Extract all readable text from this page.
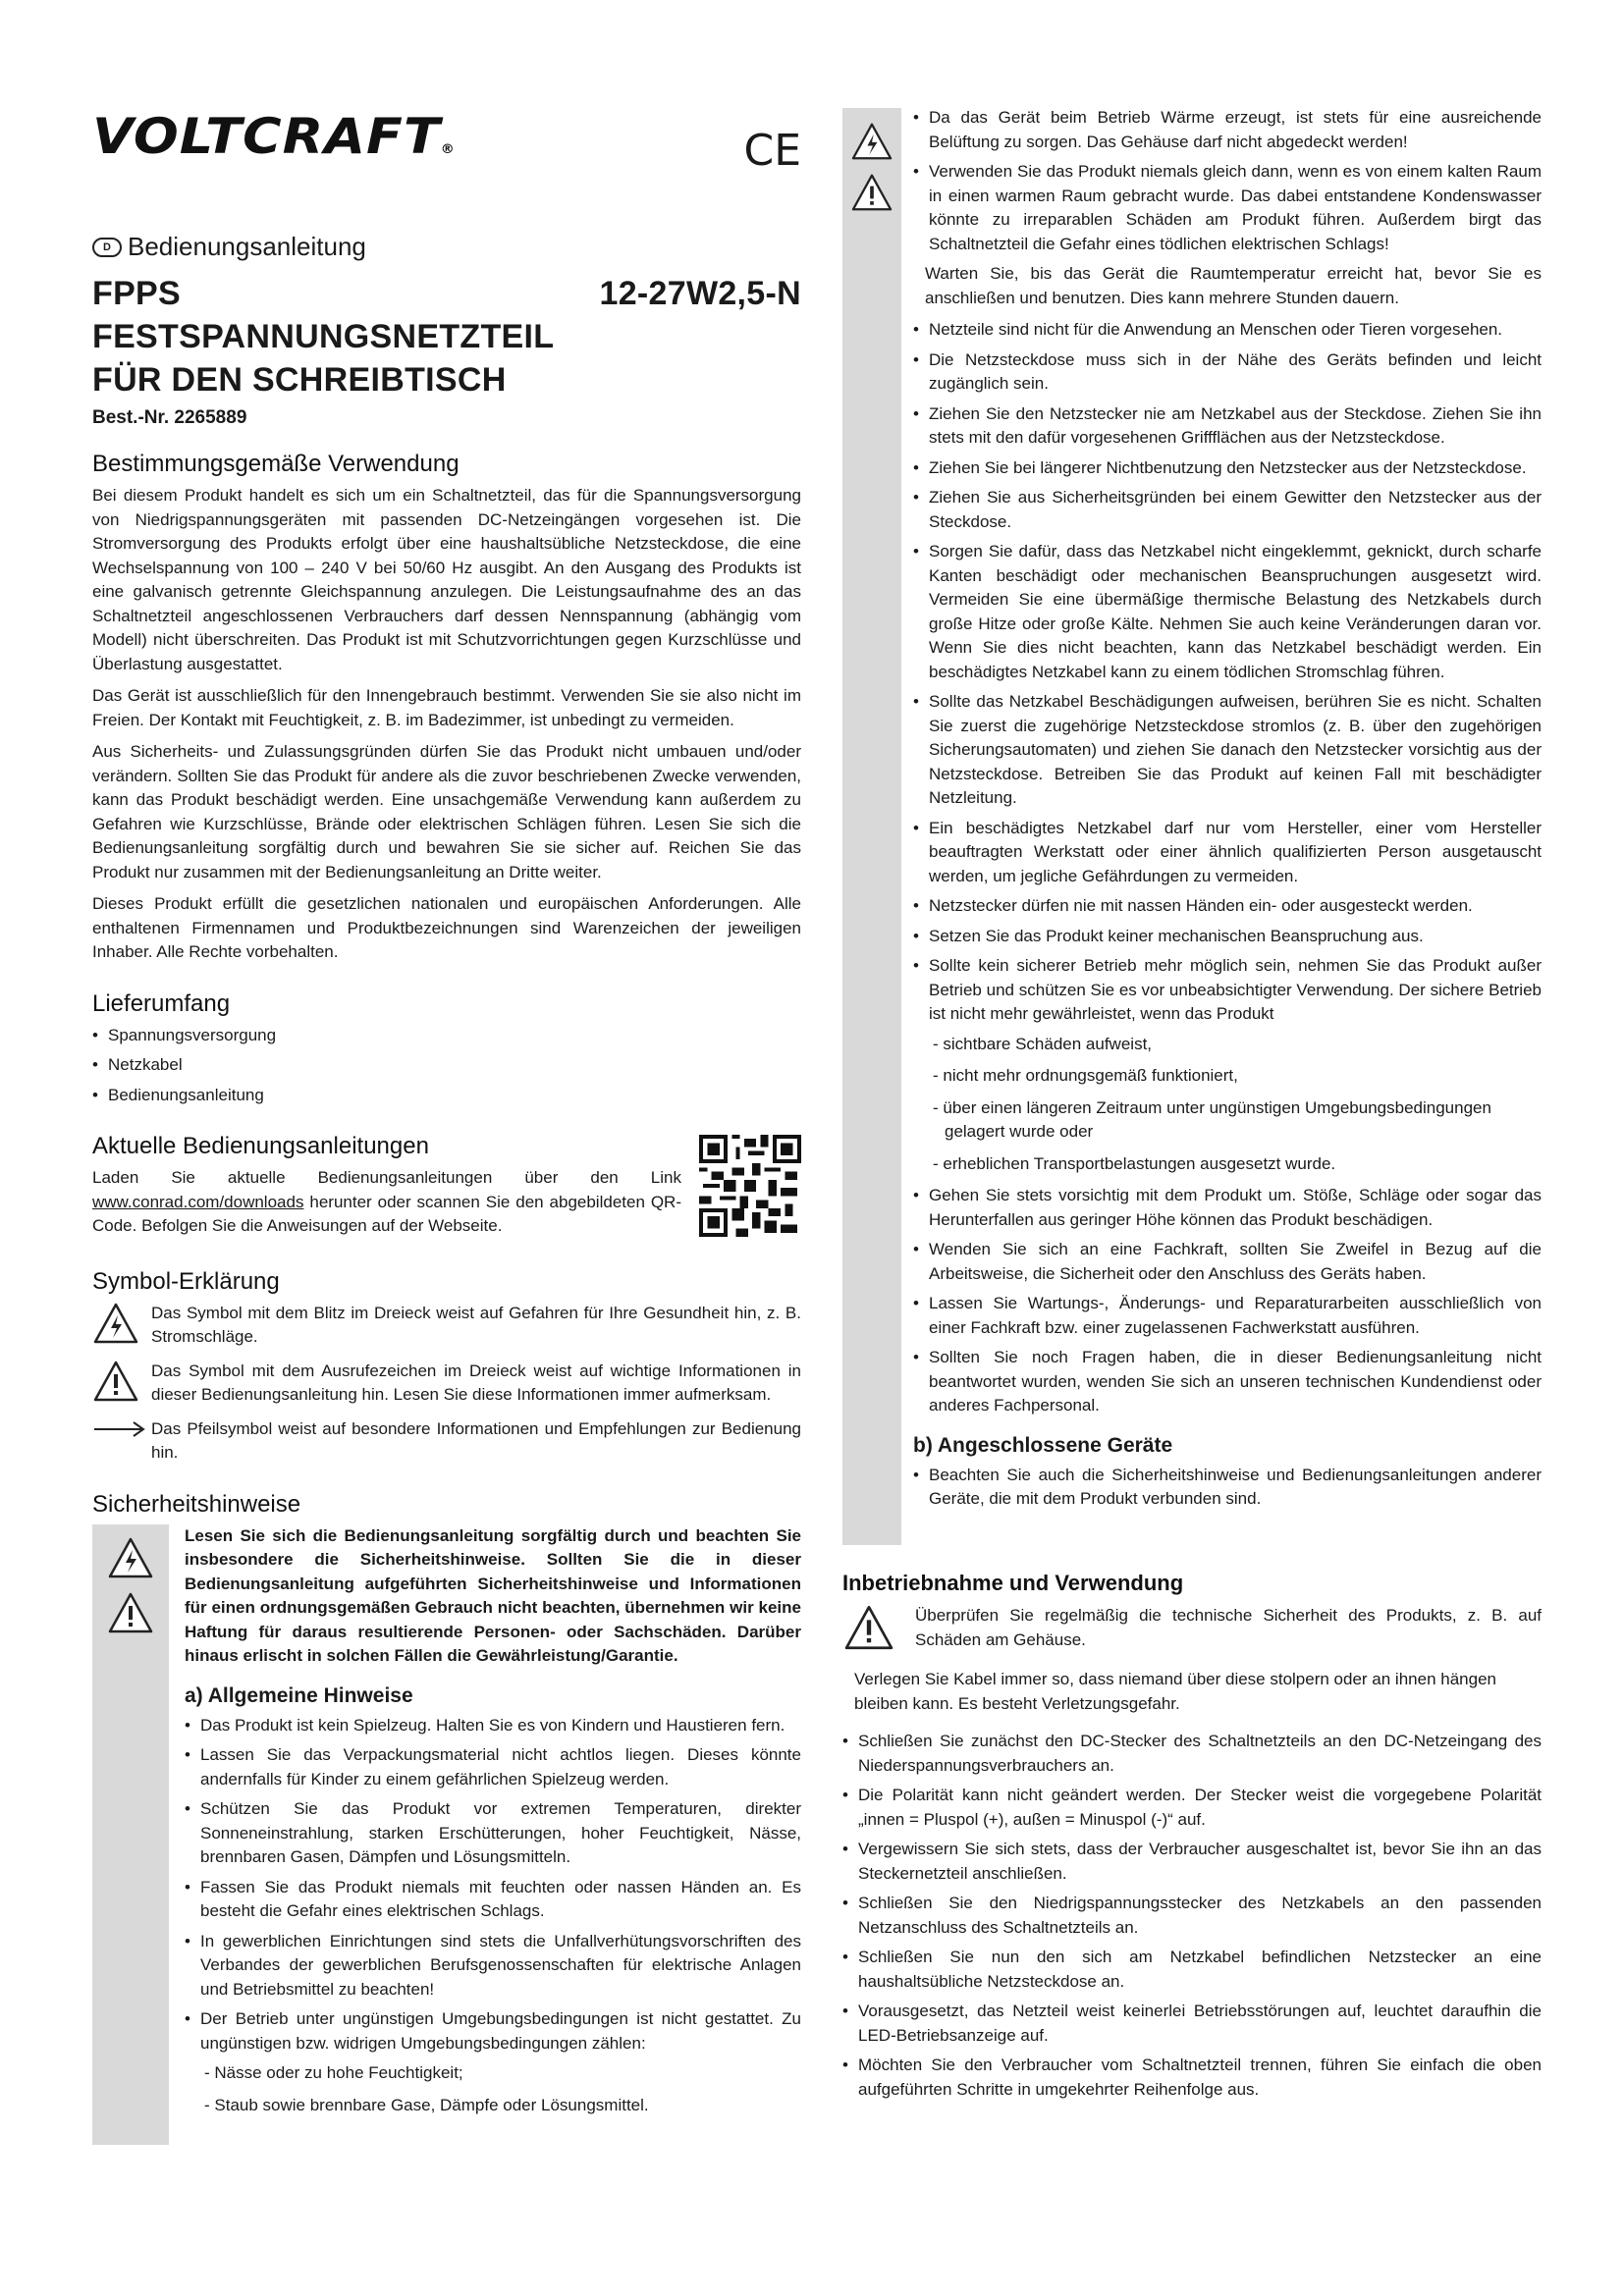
VOLTCRAFT®	CE
D Bedienungsanleitung
FPPS 12-27W2,5-N FESTSPANNUNGSNETZTEIL
FÜR DEN SCHREIBTISCH
Best.-Nr. 2265889
Bestimmungsgemäße Verwendung

Bei diesem Produkt handelt es sich um ein Schaltnetzteil, das für die Spannungsversorgung von Niedrigspannungsgeräten mit passenden DC-Netzeingängen vorgesehen ist. Die Stromversorgung des Produkts erfolgt über eine haushaltsübliche Netzsteckdose, die eine Wechselspannung von 100 – 240 V bei 50/60 Hz ausgibt. An den Ausgang des Produkts ist eine galvanisch getrennte Gleichspannung anzulegen. Die Leistungsaufnahme des an das Schaltnetzteil angeschlossenen Verbrauchers darf dessen Nennspannung (abhängig vom Modell) nicht überschreiten. Das Produkt ist mit Schutzvorrichtungen gegen Kurzschlüsse und Überlastung ausgestattet.

Das Gerät ist ausschließlich für den Innengebrauch bestimmt. Verwenden Sie sie also nicht im Freien. Der Kontakt mit Feuchtigkeit, z. B. im Badezimmer, ist unbedingt zu vermeiden.

Aus Sicherheits- und Zulassungsgründen dürfen Sie das Produkt nicht umbauen und/oder verändern. Sollten Sie das Produkt für andere als die zuvor beschriebenen Zwecke verwenden, kann das Produkt beschädigt werden. Eine unsachgemäße Verwendung kann außerdem zu Gefahren wie Kurzschlüsse, Brände oder elektrischen Schlägen führen. Lesen Sie sich die Bedienungsanleitung sorgfältig durch und bewahren Sie sie sicher auf. Reichen Sie das Produkt nur zusammen mit der Bedienungsanleitung an Dritte weiter.

Dieses Produkt erfüllt die gesetzlichen nationalen und europäischen Anforderungen. Alle enthaltenen Firmennamen und Produktbezeichnungen sind Warenzeichen der jeweiligen Inhaber. Alle Rechte vorbehalten.

Lieferumfang
• Spannungsversorgung
• Netzkabel
• Bedienungsanleitung
Aktuelle Bedienungsanleitungen

Laden Sie aktuelle Bedienungsanleitungen über den Link www.conrad.com/downloads herunter oder scannen Sie den abgebildeten QR-Code. Befolgen Sie die Anweisungen auf der Webseite.

Symbol-Erklärung

Das Symbol mit dem Blitz im Dreieck weist auf Gefahren für Ihre Gesundheit hin, z. B. Stromschläge.

Das Symbol mit dem Ausrufezeichen im Dreieck weist auf wichtige Informationen in dieser Bedienungsanleitung hin. Lesen Sie diese Informationen immer aufmerksam.

Das Pfeilsymbol weist auf besondere Informationen und Empfehlungen zur Bedienung hin.

Sicherheitshinweise
Lesen Sie sich die Bedienungsanleitung sorgfältig durch und beachten Sie insbesondere die Sicherheitshinweise. Sollten Sie die in dieser Bedienungsanleitung aufgeführten Sicherheitshinweise und Informationen für einen ordnungsgemäßen Gebrauch nicht beachten, übernehmen wir keine Haftung für daraus resultierende Personen- oder Sachschäden. Darüber hinaus erlischt in solchen Fällen die Gewährleistung/Garantie.
a) Allgemeine Hinweise
• Das Produkt ist kein Spielzeug. Halten Sie es von Kindern und Haustieren fern.
• Lassen Sie das Verpackungsmaterial nicht achtlos liegen. Dieses könnte andernfalls für Kinder zu einem gefährlichen Spielzeug werden.
• Schützen Sie das Produkt vor extremen Temperaturen, direkter Sonneneinstrahlung, starken Erschütterungen, hoher Feuchtigkeit, Nässe, brennbaren Gasen, Dämpfen und Lösungsmitteln.
• Fassen Sie das Produkt niemals mit feuchten oder nassen Händen an. Es besteht die Gefahr eines elektrischen Schlags.
• In gewerblichen Einrichtungen sind stets die Unfallverhütungsvorschriften des Verbandes der gewerblichen Berufsgenossenschaften für elektrische Anlagen und Betriebsmittel zu beachten!
• Der Betrieb unter ungünstigen Umgebungsbedingungen ist nicht gestattet. Zu ungünstigen bzw. widrigen Umgebungsbedingungen zählen:
- Nässe oder zu hohe Feuchtigkeit;
- Staub sowie brennbare Gase, Dämpfe oder Lösungsmittel.
• Da das Gerät beim Betrieb Wärme erzeugt, ist stets für eine ausreichende Belüftung zu sorgen. Das Gehäuse darf nicht abgedeckt werden!
• Verwenden Sie das Produkt niemals gleich dann, wenn es von einem kalten Raum in einen warmen Raum gebracht wurde. Das dabei entstandene Kondenswasser könnte zu irreparablen Schäden am Produkt führen. Außerdem birgt das Schaltnetzteil die Gefahr eines tödlichen elektrischen Schlags!

Warten Sie, bis das Gerät die Raumtemperatur erreicht hat, bevor Sie es anschließen und benutzen. Dies kann mehrere Stunden dauern.

• Netzteile sind nicht für die Anwendung an Menschen oder Tieren vorgesehen.
• Die Netzsteckdose muss sich in der Nähe des Geräts befinden und leicht zugänglich sein.
• Ziehen Sie den Netzstecker nie am Netzkabel aus der Steckdose. Ziehen Sie ihn stets mit den dafür vorgesehenen Griffflächen aus der Netzsteckdose.
• Ziehen Sie bei längerer Nichtbenutzung den Netzstecker aus der Netzsteckdose.
• Ziehen Sie aus Sicherheitsgründen bei einem Gewitter den Netzstecker aus der Steckdose.
• Sorgen Sie dafür, dass das Netzkabel nicht eingeklemmt, geknickt, durch scharfe Kanten beschädigt oder mechanischen Beanspruchungen ausgesetzt wird. Vermeiden Sie eine übermäßige thermische Belastung des Netzkabels durch große Hitze oder große Kälte. Nehmen Sie auch keine Veränderungen daran vor. Wenn Sie dies nicht beachten, kann das Netzkabel beschädigt werden. Ein beschädigtes Netzkabel kann zu einem tödlichen Stromschlag führen.
• Sollte das Netzkabel Beschädigungen aufweisen, berühren Sie es nicht. Schalten Sie zuerst die zugehörige Netzsteckdose stromlos (z. B. über den zugehörigen Sicherungsautomaten) und ziehen Sie danach den Netzstecker vorsichtig aus der Netzsteckdose. Betreiben Sie das Produkt auf keinen Fall mit beschädigter Netzleitung.
• Ein beschädigtes Netzkabel darf nur vom Hersteller, einer vom Hersteller beauftragten Werkstatt oder einer ähnlich qualifizierten Person ausgetauscht werden, um jegliche Gefährdungen zu vermeiden.
• Netzstecker dürfen nie mit nassen Händen ein- oder ausgesteckt werden.
• Setzen Sie das Produkt keiner mechanischen Beanspruchung aus.
• Sollte kein sicherer Betrieb mehr möglich sein, nehmen Sie das Produkt außer Betrieb und schützen Sie es vor unbeabsichtigter Verwendung. Der sichere Betrieb ist nicht mehr gewährleistet, wenn das Produkt
- sichtbare Schäden aufweist,
- nicht mehr ordnungsgemäß funktioniert,
- über einen längeren Zeitraum unter ungünstigen Umgebungsbedingungen gelagert wurde oder
- erheblichen Transportbelastungen ausgesetzt wurde.
• Gehen Sie stets vorsichtig mit dem Produkt um. Stöße, Schläge oder sogar das Herunterfallen aus geringer Höhe können das Produkt beschädigen.
• Wenden Sie sich an eine Fachkraft, sollten Sie Zweifel in Bezug auf die Arbeitsweise, die Sicherheit oder den Anschluss des Geräts haben.
• Lassen Sie Wartungs-, Änderungs- und Reparaturarbeiten ausschließlich von einer Fachkraft bzw. einer zugelassenen Fachwerkstatt ausführen.
• Sollten Sie noch Fragen haben, die in dieser Bedienungsanleitung nicht beantwortet wurden, wenden Sie sich an unseren technischen Kundendienst oder anderes Fachpersonal.
b) Angeschlossene Geräte
• Beachten Sie auch die Sicherheitshinweise und Bedienungsanleitungen anderer Geräte, die mit dem Produkt verbunden sind.
Inbetriebnahme und Verwendung

Überprüfen Sie regelmäßig die technische Sicherheit des Produkts, z. B. auf Schäden am Gehäuse.

Verlegen Sie Kabel immer so, dass niemand über diese stolpern oder an ihnen hängen bleiben kann. Es besteht Verletzungsgefahr.

• Schließen Sie zunächst den DC-Stecker des Schaltnetzteils an den DC-Netzeingang des Niederspannungsverbrauchers an.
• Die Polarität kann nicht geändert werden. Der Stecker weist die vorgegebene Polarität „innen = Pluspol (+), außen = Minuspol (-)“ auf.
• Vergewissern Sie sich stets, dass der Verbraucher ausgeschaltet ist, bevor Sie ihn an das Steckernetzteil anschließen.
• Schließen Sie den Niedrigspannungsstecker des Netzkabels an den passenden Netzanschluss des Schaltnetzteils an.
• Schließen Sie nun den sich am Netzkabel befindlichen Netzstecker an eine haushaltsübliche Netzsteckdose an.
• Vorausgesetzt, das Netzteil weist keinerlei Betriebsstörungen auf, leuchtet daraufhin die LED-Betriebsanzeige auf.
• Möchten Sie den Verbraucher vom Schaltnetzteil trennen, führen Sie einfach die oben aufgeführten Schritte in umgekehrter Reihenfolge aus.
